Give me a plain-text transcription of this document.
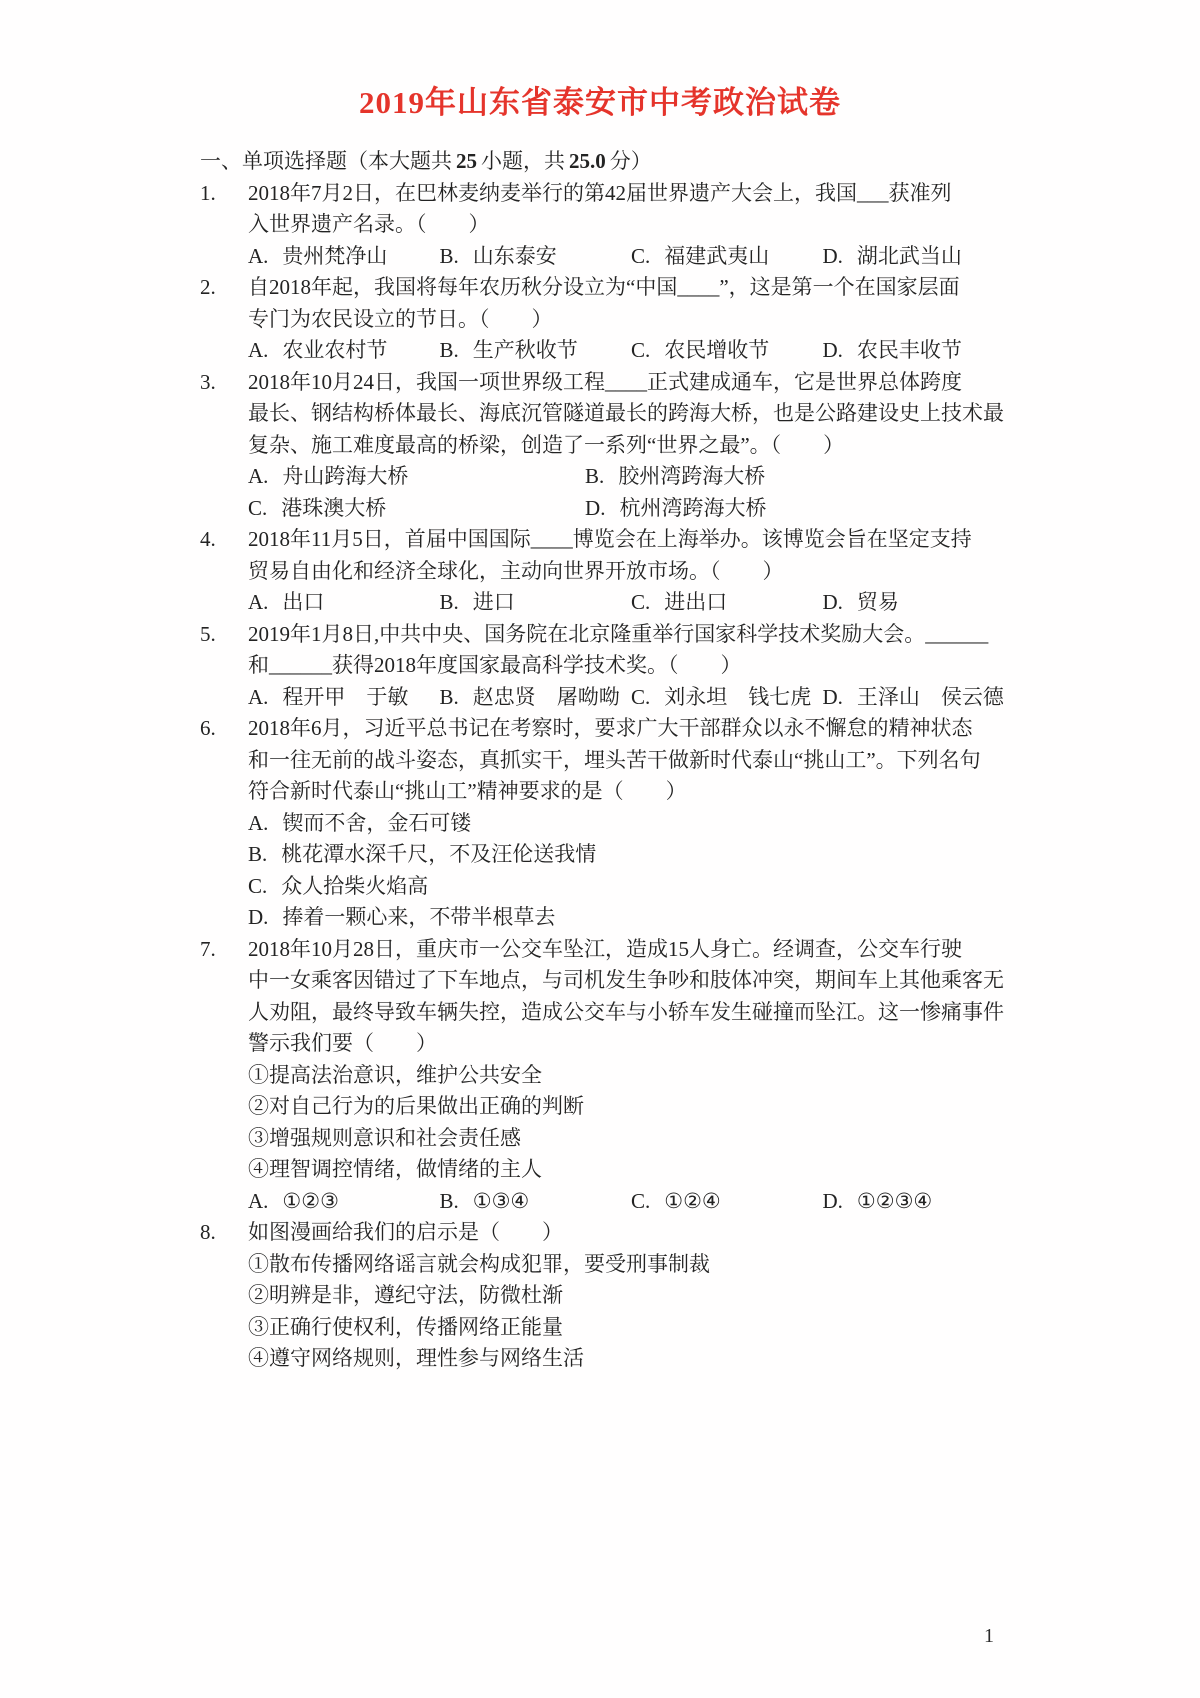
2019年山东省泰安市中考政治试卷
一、单项选择题（本大题共 25 小题，共 25.0 分）
1. 2018年7月2日，在巴林麦纳麦举行的第42届世界遗产大会上，我国___获准列
入世界遗产名录。（　　）
A. 贵州梵净山	B. 山东泰安	C. 福建武夷山	D. 湖北武当山
2. 自2018年起，我国将每年农历秋分设立为“中国____”，这是第一个在国家层面
专门为农民设立的节日。（　　）
A. 农业农村节	B. 生产秋收节	C. 农民增收节	D. 农民丰收节
3. 2018年10月24日，我国一项世界级工程____正式建成通车，它是世界总体跨度
最长、钢结构桥体最长、海底沉管隧道最长的跨海大桥，也是公路建设史上技术最
复杂、施工难度最高的桥梁，创造了一系列“世界之最”。（　　）
A. 舟山跨海大桥	B. 胶州湾跨海大桥
C. 港珠澳大桥	D. 杭州湾跨海大桥
4. 2018年11月5日，首届中国国际____博览会在上海举办。该博览会旨在坚定支持
贸易自由化和经济全球化，主动向世界开放市场。（　　）
A. 出口	B. 进口	C. 进出口	D. 贸易
5. 2019年1月8日,中共中央、国务院在北京隆重举行国家科学技术奖励大会。______
和______获得2018年度国家最高科学技术奖。（　　）
A. 程开甲　于敏	B. 赵忠贤　屠呦呦 C. 刘永坦　钱七虎 D. 王泽山　侯云德
6. 2018年6月，习近平总书记在考察时，要求广大干部群众以永不懈怠的精神状态
和一往无前的战斗姿态，真抓实干，埋头苦干做新时代泰山“挑山工”。下列名句
符合新时代泰山“挑山工”精神要求的是（　　）
A. 锲而不舍，金石可镂
B. 桃花潭水深千尺，不及汪伦送我情
C. 众人拾柴火焰高
D. 捧着一颗心来，不带半根草去
7. 2018年10月28日，重庆市一公交车坠江，造成15人身亡。经调查，公交车行驶
中一女乘客因错过了下车地点，与司机发生争吵和肢体冲突，期间车上其他乘客无
人劝阻，最终导致车辆失控，造成公交车与小轿车发生碰撞而坠江。这一惨痛事件
警示我们要（　　）
①提高法治意识，维护公共安全
②对自己行为的后果做出正确的判断
③增强规则意识和社会责任感
④理智调控情绪，做情绪的主人
A. ①②③	B. ①③④	C. ①②④	D. ①②③④
8. 如图漫画给我们的启示是（　　）
①散布传播网络谣言就会构成犯罪，要受刑事制裁
②明辨是非，遵纪守法，防微杜渐
③正确行使权利，传播网络正能量
④遵守网络规则，理性参与网络生活
1
